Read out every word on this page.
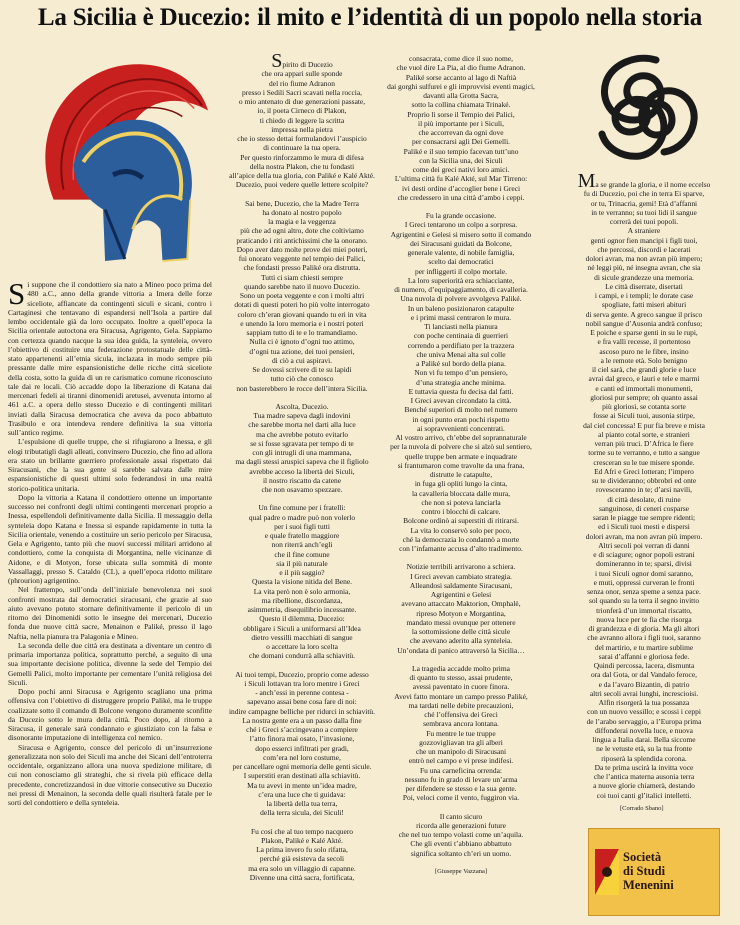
La Sicilia è Ducezio: il mito e l’identità di un popolo nella storia

Si suppone che il condottiero sia nato a Mineo poco prima del 480 a.C., anno della grande vittoria a Imera delle forze siceliote, affiancate da contingenti siculi e sicani, contro i Cartaginesi che tentavano di espandersi nell’Isola a partire dal lembo occidentale già da loro occupato. Inoltre a quell’epoca la Sicilia orientale autoctona era Siracusa, Agrigento, Gela. Sappiamo con certezza quando nacque la sua idea guida, la synteleia, ovvero l’obiettivo di costituire una federazione protostatuale delle città-stato appartenenti all’etnia sicula, inclazata in modo sempre più pressante dalle mire espansionistiche delle ricche città siceliote della costa, sotto la guida di un re carismatico comune riconosciuto tale dai re locali. Ciò accadde dopo la liberazione di Katana dai mercenari fedeli ai tiranni dinomenidi aretusei, avvenuta intorno al 461 a.C. a opera dello stesso Ducezio e di contingenti militari inviati dalla Siracusa democratica che aveva da poco abbattuto Trasibulo e ora intendeva rendere definitiva la sua vittoria sull’antico regime.

L’espulsione di quelle truppe, che si rifugiarono a Inessa, e gli elogi tributatigli dagli alleati, convinsero Ducezio, che fino ad allora era stato un brillante guerriero professionale assai rispettato dai Siracusani, che la sua gente si sarebbe salvata dalle mire espansionistiche di questi ultimi solo federandosi in una realtà storico-politica unitaria.

Dopo la vittoria a Katana il condottiero ottenne un importante successo nei confronti degli ultimi contingenti mercenari proprio a Inessa, espellendoli definitivamente dalla Sicilia. Il messaggio della synteleia dopo Katana e Inessa si espande rapidamente in tutta la Sicilia orientale, venendo a costituire un serio pericolo per Siracusa, Gela e Agrigento, tanto più che nuovi successi militari arridono al condottiero, come la conquista di Morgantina, nelle vicinanze di Aidone, e di Motyon, forse ubicata sulla sommità di monte Vassallaggi, presso S. Cataldo (CL), a quell’epoca ridotto militare (phrourion) agrigentino.

Nel frattempo, sull’onda dell’iniziale benevolenza nei suoi confronti mostrata dai democratici siracusani, che grazie al suo aiuto avevano potuto stornare definitivamente il pericolo di un ritorno dei Dinomenidi sotto le insegne dei mercenari, Ducezio fonda due nuove città sacre, Menainon e Paliké, presso il lago Naftia, nella pianura tra Palagonia e Mineo.

La seconda delle due città era destinata a diventare un centro di primaria importanza politica, soprattutto perché, a seguito di una sua importante decisione politica, divenne la sede del Tempio dei Gemelli Palici, molto importante per cementare l’unità religiosa dei Siculi.

Dopo pochi anni Siracusa e Agrigento scagliano una prima offensiva con l’obiettivo di distruggere proprio Paliké, ma le truppe coalizzate sotto il comando di Bolcone vengono duramente sconfitte da Ducezio sotto le mura della città. Poco dopo, al ritorno a Siracusa, il generale sarà condannato e giustiziato con la falsa e disonorante imputazione di intelligenza col nemico.

Siracusa e Agrigento, consce del pericolo di un’insurrezione generalizzata non solo dei Siculi ma anche dei Sicani dell’entroterra occidentale, organizzano allora una nuova spedizione militare, di cui non conosciamo gli strateghi, che si rivela più efficace della precedente, concretizzandosi in due vittorie consecutive su Ducezio nei pressi di Menainon, la seconda delle quali risulterà fatale per le sorti del condottiero e della synteleia.

Spirito di Ducezio
che ora appari sulle sponde
del rio fiume Adranon
presso i Sedili Sacri scavati nella roccia,
o mio antenato di due generazioni passate,
io, il poeta Cirneco di Plakon,
ti chiedo di leggere la scritta
impressa nella pietra
che io stesso dettai formulandovi l’auspicio
di continuare la tua opera.
Per questo rinforzammo le mura di difesa
della nostra Plakon, che tu fondasti
all’apice della tua gloria, con Paliké e Kalé Akté.
Ducezio, puoi vedere quelle lettere scolpite?
Sai bene, Ducezio, che la Madre Terra
ha donato al nostro popolo
la magia e la veggenza
più che ad ogni altro, dote che coltiviamo
praticando i riti antichissimi che la onorano.
Dopo aver dato molte prove dei miei poteri,
fui onorato veggente nel tempio dei Palici,
che fondasti presso Paliké ora distrutta.
Tutti ci siam chiesti sempre
quando sarebbe nato il nuovo Ducezio.
Sono un poeta veggente e con i molti altri
dotati di questi poteri ho più volte interrogato
coloro ch’eran giovani quando tu eri in vita
e unendo la loro memoria e i nostri poteri
sappiam tutto di te e lo tramandiamo.
Nulla ci è ignoto d’ogni tuo attimo,
d’ogni tua azione, dei tuoi pensieri,
di ciò a cui aspiravi.
Se dovessi scrivere di te su lapidi
tutto ciò che conosco
non basterebbero le rocce dell’intera Sicilia.
Ascolta, Ducezio.
Tua madre sapeva dagli indovini
che sarebbe morta nel darti alla luce
ma che avrebbe potuto evitarlo
se si fosse sgravata per tempo di te
con gli intrugli di una mammana,
ma dagli stessi aruspici sapeva che il figliolo
avrebbe acceso la libertà dei Siculi,
il nostro riscatto da catene
che non osavamo spezzare.
Un fine comune per i fratelli:
qual padre o madre può non volerlo
per i suoi figli tutti
e quale fratello maggiore
non riterrà anch’egli
che il fine comune
sia il più naturale
e il più saggio?
Questa la visione nitida del Bene.
La vita però non è solo armonia,
ma ribellione, discordanza,
asimmetria, disequilibrio incessante.
Questo il dilemma, Ducezio:
obbligare i Siculi a uniformarsi all’Idea
dietro vessilli macchiati di sangue
o accettare la loro scelta
che domani condurrà alla schiavitù.
Ai tuoi tempi, Ducezio, proprio come adesso
i Siculi lottavan tra loro mentre i Greci
- anch’essi in perenne contesa -
sapevano assai bene cosa fare di noi:
indire campagne belliche per ridurci in schiavitù.
La nostra gente era a un passo dalla fine
ché i Greci s’accingevano a compiere
l’atto finora mai osato, l’invasione,
dopo esserci infiltrati per gradi,
com’era nel loro costume,
per cancellare ogni memoria delle genti sicule.
I superstiti eran destinati alla schiavitù.
Ma tu avevi in mente un’idea madre,
c’era una luce che ti guidava:
la libertà della tua terra,
della terra sicula, dei Siculi!
Fu così che al tuo tempo nacquero
Plakon, Paliké e Kalé Akté.
La prima invero fu solo rifatta,
perché già esisteva da secoli
ma era solo un villaggio di capanne.
Divenne una città sacra, fortificata,
consacrata, come dice il suo nome,
che vuol dire La Pia, al dio fiume Adranon.
Paliké sorse accanto al lago di Naftià
dai gorghi sulfurei e gli improvvisi eventi magici,
davanti alla Grotta Sacra,
sotto la collina chiamata Trinaké.
Proprio lì sorse il Tempio dei Palici,
il più importante per i Siculi,
che accorrevan da ogni dove
per consacrarsi agli Dei Gemelli.
Paliké e il suo tempio facevan tutt’uno
con la Sicilia una, dei Siculi
come dei greci nativi loro amici.
L’ultima città fu Kalé Akté, sul Mar Tirreno:
ivi desti ordine d’accoglier bene i Greci
che credessero in una città d’ambo i ceppi.
Fu la grande occasione.
I Greci tentarono un colpo a sorpresa.
Agrigentini e Gelesi si misero sotto il comando
dei Siracusani guidati da Bolcone,
generale valente, di nobile famiglia,
scelto dai democratici
per infliggerti il colpo mortale.
La loro superiorità era schiacciante,
di numero, d’equipaggiamento, di cavalleria.
Una nuvola di polvere avvolgeva Paliké.
In un baleno posizionaron catapulte
e i primi massi centraron le mura.
Ti lanciasti nella pianura
con poche centinaia di guerrieri
correndo a perdifiato per la trazzera
che univa Menai alta sul colle
a Paliké sul bordo della piana.
Non vi fu tempo d’un pensiero,
d’una strategia anche minima.
E tuttavia questa fu decisa dal fatti.
I Greci avevan circondato la città.
Benché superiori di molto nel numero
in ogni punto eran pochi rispetto
ai sopravvenienti concentrati.
Al vostro arrivo, ch’ebbe del soprannaturale
per la nuvola di polvere che si alzò sul sentiero,
quelle truppe ben armate e inquadrate
si frantumaron come travolte da una frana,
distrutte le catapulte,
in fuga gli opliti lungo la cinta,
la cavalleria bloccata dalle mura,
che non si poteva lanciarla
contro i blocchi di calcare.
Bolcone ordinò ai superstiti di ritirarsi.
La vita lo conservò solo per poco,
ché la democrazia lo condannò a morte
con l’infamante accusa d’alto tradimento.
Notizie terribili arrivarono a schiera.
I Greci avevan cambiato strategia.
Alleandosi saldamente Siracusani,
Agrigentini e Gelesi
avevano attaccato Maktorion, Omphalè,
ripreso Motyon e Morgantina,
mandato messi ovunque per ottenere
la sottomissione delle città sicule
che avevano aderito alla synteleia.
Un’ondata di panico attraversò la Sicilia…
La tragedia accadde molto prima
di quanto tu stesso, assai prudente,
avessi paventato in cuore finora.
Avevi fatto montare un campo presso Paliké,
ma tardati nelle debite precauzioni,
ché l’offensiva dei Greci
sembrava ancora lontana.
Fu mentre le tue truppe
gozzovigliavan tra gli alberi
che un manipolo di Siracusani
entrò nel campo e vi prese indifesi.
Fu una carneficina orrenda:
nessuno fu in grado di levare un’arma
per difendere se stesso e la sua gente.
Poi, veloci come il vento, fuggiron via.
Il canto sicuro
ricorda alle generazioni future
che nel tuo tempo volasti come un’aquila.
Che gli eventi t’abbiano abbattuto
significa soltanto ch’eri un uomo.
[Giuseppe Vazzana]
Ma se grande la gloria, e il nome eccelso
fu di Ducezio, poi che in terra Ei sparve,
or tu, Trinacria, gemi! Età d’affanni
in te verranno; su tuoi lidi il sangue
correrà dei tuoi popoli.
A straniere
genti ognor fien mancipi i figli tuoi,
che percossi, discordi e lacerati
dolori avran, ma non avran più impero;
né leggi più, né insegna avran, che sia
di sicule grandezze una memoria.
Le città diserrate, disertati
i campi, e i templi; le dorate case
spogliate, fatti miseri abituri
di serva gente. A greco sangue il prisco
nobil sangue d’Ausonia andrà confuso;
E poiche e sparse genti in su le rupi,
e fra valli recesse, il portentoso
ascoso puro ne le fibre, insino
a le remote età. Solo benigno
il ciel sarà, che grandi glorie e luce
avrai dal greco, e lauri e tele e marmi
e canti ed immortali monumenti,
gloriosi pur sempre; oh quanto assai
più gloriosi, se cotanta sorte
fosse ai Siculi tuoi, ausonia stirpe,
dal ciel concessa! E pur fia breve e mista
al pianto cotal sorte, e stranieri
verran più truci. D’Africa le fiere
torme su te verranno, e tutto a sangue
cresceran su le tue misere sponde.
Ed Afri e Greci lotteran; l’impero
su te divideranno; obbrobri ed onte
rovesceranno in te; d’arsi navili,
di città desolate, di ruine
sanguinose, di ceneri cosparse
saran le piagge tue sempre ridenti;
ed i Siculi tuoi mesti e dispersi
dolori avran, ma non avran più impero.
Altri secoli poi verran di danni
e di sciagure; ognor popoli estrani
domineranno in te; sparsi, divisi
i tuoi Siculi ognor domi saranno,
e muti, oppressi curveran le fronti
senza onor, senza speme a senza pace.
sol quando su la terra il segno invitto
trionferà d’un immortal riscatto,
nuova luce per te fia che risorga
di grandezza e di gloria. Ma gli altori
che avranno allora i figli tuoi, saranno
del martirio, e tu martire sublime
sarai d’affanni e gloriosa fede.
Quindi percossa, lacera, dismunta
ora dal Gota, or dal Vandalo feroce,
e da l’avaro Bizantin, di patrio
altri secoli avrai lunghi, increscioisi.
Alfin risorgerà la tua possanza
con un nuovo vessillo; e scossi i ceppi
de l’arabo servaggio, a l’Europa prima
diffonderai novella luce, e nuova
lingua a Italia darai. Bella siccome
ne le vetuste età, su la tua fronte
riposerà la splendida corona.
Da te prima uscirà la invitta voce
che l’antica materna ausonia terra
a nuove glorie chiamerà, destando
coi tuoi canti gl’italici intelletti.
[Corrado Sbano]
Società
di Studi
Menenini
